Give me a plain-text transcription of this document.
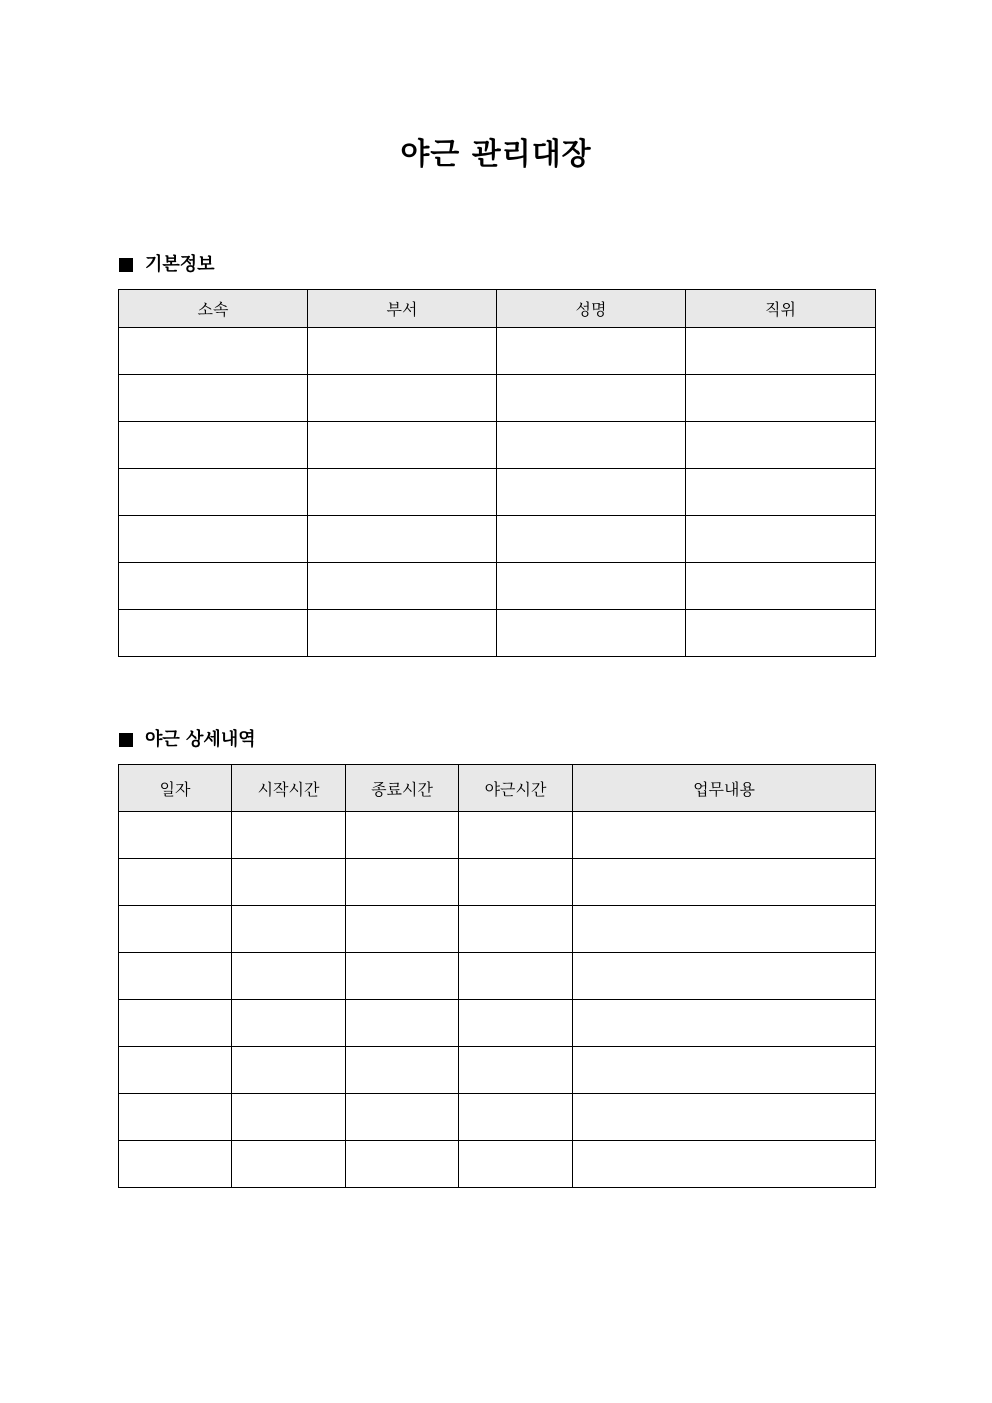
야근 관리대장
기본정보
소속	부서	성명	직위

야근 상세내역
일자	시작시간	종료시간	야근시간	업무내용
